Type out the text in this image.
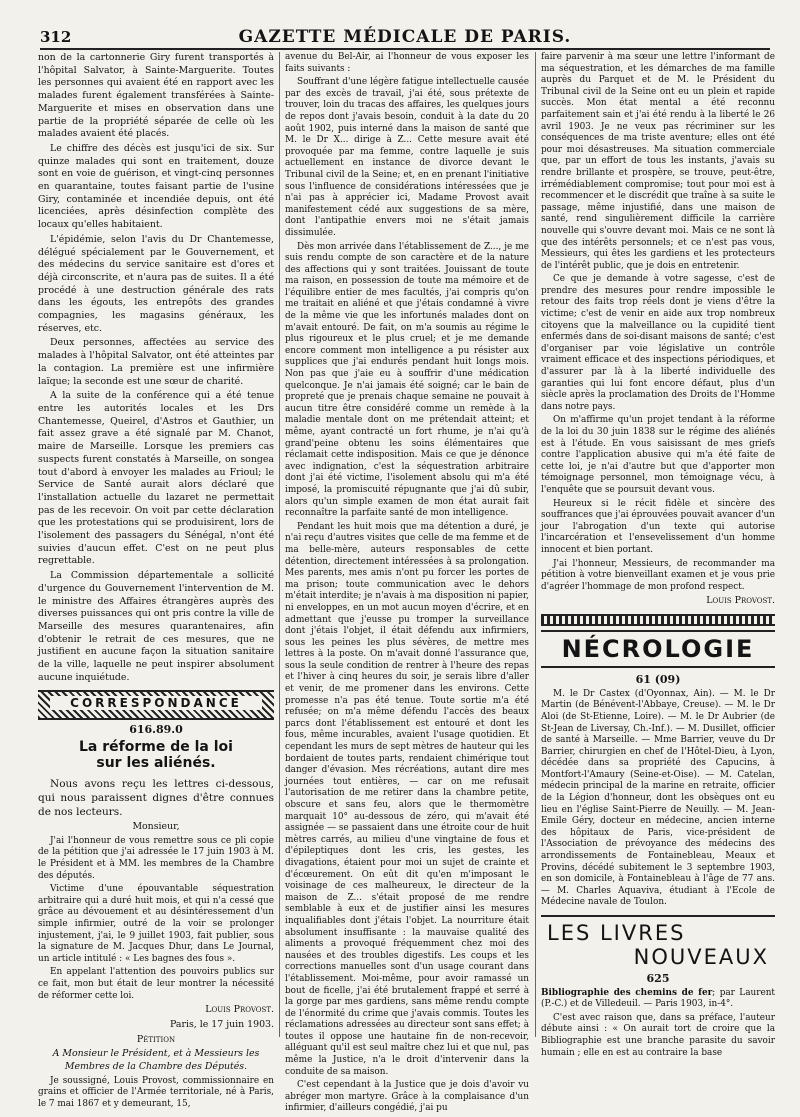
312	GAZETTE MÉDICALE DE PARIS.

non de la cartonnerie Giry furent transportés à l'hôpital Salvator, à Sainte-Marguerite. Toutes les personnes qui avaient été en rapport avec les malades furent également transférées à Sainte-Marguerite et mises en observation dans une partie de la propriété séparée de celle où les malades avaient été placés.

Le chiffre des décès est jusqu'ici de six. Sur quinze malades qui sont en traitement, douze sont en voie de guérison, et vingt-cinq personnes en quarantaine, toutes faisant partie de l'usine Giry, contaminée et incendiée depuis, ont été licenciées, après désinfection complète des locaux qu'elles habitaient.

L'épidémie, selon l'avis du Dr Chantemesse, délégué spécialement par le Gouvernement, et des médecins du service sanitaire est d'ores et déjà circonscrite, et n'aura pas de suites. Il a été procédé à une destruction générale des rats dans les égouts, les entrepôts des grandes compagnies, les magasins généraux, les réserves, etc.

Deux personnes, affectées au service des malades à l'hôpital Salvator, ont été atteintes par la contagion. La première est une infirmière laïque; la seconde est une sœur de charité.

A la suite de la conférence qui a été tenue entre les autorités locales et les Drs Chantemesse, Queirel, d'Astros et Gauthier, un fait assez grave a été signalé par M. Chanot, maire de Marseille. Lorsque les premiers cas suspects furent constatés à Marseille, on songea tout d'abord à envoyer les malades au Frioul; le Service de Santé aurait alors déclaré que l'installation actuelle du lazaret ne permettait pas de les recevoir. On voit par cette déclaration que les protestations qui se produisirent, lors de l'isolement des passagers du Sénégal, n'ont été suivies d'aucun effet. C'est on ne peut plus regrettable.

La Commission départementale a sollicité d'urgence du Gouvernement l'intervention de M. le ministre des Affaires étrangères auprès des diverses puissances qui ont pris contre la ville de Marseille des mesures quarantenaires, afin d'obtenir le retrait de ces mesures, que ne justifient en aucune façon la situation sanitaire de la ville, laquelle ne peut inspirer absolument aucune inquiétude.

CORRESPONDANCE
616.89.0
La réforme de la loi
sur les aliénés.

Nous avons reçu les lettres ci-dessous, qui nous paraissent dignes d'être connues de nos lecteurs.

Monsieur,

J'ai l'honneur de vous remettre sous ce pli copie de la pétition que j'ai adressée le 17 juin 1903 à M. le Président et à MM. les membres de la Chambre des députés.

Victime d'une épouvantable séquestration arbitraire qui a duré huit mois, et qui n'a cessé que grâce au dévouement et au désintéressement d'un simple infirmier, outré de la voir se prolonger injustement, j'ai, le 9 juillet 1903, fait publier, sous la signature de M. Jacques Dhur, dans Le Journal, un article intitulé : « Les bagnes des fous ».

En appelant l'attention des pouvoirs publics sur ce fait, mon but était de leur montrer la nécessité de réformer cette loi.

Louis Provost.

Paris, le 17 juin 1903.

Pétition

A Monsieur le Président, et à Messieurs les Membres de la Chambre des Députés.

Je soussigné, Louis Provost, commissionnaire en grains et officier de l'Armée territoriale, né à Paris, le 7 mai 1867 et y demeurant, 15,

avenue du Bel-Air, ai l'honneur de vous exposer les faits suivants :

Souffrant d'une légère fatigue intellectuelle causée par des excès de travail, j'ai été, sous prétexte de trouver, loin du tracas des affaires, les quelques jours de repos dont j'avais besoin, conduit à la date du 20 août 1902, puis interné dans la maison de santé que M. le Dr X... dirige à Z... Cette mesure avait été provoquée par ma femme, contre laquelle je suis actuellement en instance de divorce devant le Tribunal civil de la Seine; et, en en prenant l'initiative sous l'influence de considérations intéressées que je n'ai pas à apprécier ici, Madame Provost avait manifestement cédé aux suggestions de sa mère, dont l'antipathie envers moi ne s'était jamais dissimulée.

Dès mon arrivée dans l'établissement de Z..., je me suis rendu compte de son caractère et de la nature des affections qui y sont traitées. Jouissant de toute ma raison, en possession de toute ma mémoire et de l'équilibre entier de mes facultés, j'ai compris qu'on me traitait en aliéné et que j'étais condamné à vivre de la même vie que les infortunés malades dont on m'avait entouré. De fait, on m'a soumis au régime le plus rigoureux et le plus cruel; et je me demande encore comment mon intelligence a pu résister aux supplices que j'ai endurés pendant huit longs mois. Non pas que j'aie eu à souffrir d'une médication quelconque. Je n'ai jamais été soigné; car le bain de propreté que je prenais chaque semaine ne pouvait à aucun titre être considéré comme un remède à la maladie mentale dont on me prétendait atteint; et même, ayant contracté un fort rhume, je n'ai qu'à grand'peine obtenu les soins élémentaires que réclamait cette indisposition. Mais ce que je dénonce avec indignation, c'est la séquestration arbitraire dont j'ai été victime, l'isolement absolu qui m'a été imposé, la promiscuité répugnante que j'ai dû subir, alors qu'un simple examen de mon état aurait fait reconnaître la parfaite santé de mon intelligence.

Pendant les huit mois que ma détention a duré, je n'ai reçu d'autres visites que celle de ma femme et de ma belle-mère, auteurs responsables de cette détention, directement intéressées à sa prolongation. Mes parents, mes amis n'ont pu forcer les portes de ma prison; toute communication avec le dehors m'était interdite; je n'avais à ma disposition ni papier, ni enveloppes, en un mot aucun moyen d'écrire, et en admettant que j'eusse pu tromper la surveillance dont j'étais l'objet, il était défendu aux infirmiers, sous les peines les plus sévères, de mettre mes lettres à la poste. On m'avait donné l'assurance que, sous la seule condition de rentrer à l'heure des repas et l'hiver à cinq heures du soir, je serais libre d'aller et venir, de me promener dans les environs. Cette promesse n'a pas été tenue. Toute sortie m'a été refusée; on m'a même défendu l'accès des beaux parcs dont l'établissement est entouré et dont les fous, même incurables, avaient l'usage quotidien. Et cependant les murs de sept mètres de hauteur qui les bordaient de toutes parts, rendaient chimérique tout danger d'évasion. Mes récréations, autant dire mes journées tout entières, — car on me refusait l'autorisation de me retirer dans la chambre petite, obscure et sans feu, alors que le thermomètre marquait 10° au-dessous de zéro, qui m'avait été assignée — se passaient dans une étroite cour de huit mètres carrés, au milieu d'une vingtaine de fous et d'épileptiques dont les cris, les gestes, les divagations, étaient pour moi un sujet de crainte et d'écœurement. On eût dit qu'en m'imposant le voisinage de ces malheureux, le directeur de la maison de Z... s'était proposé de me rendre semblable à eux et de justifier ainsi les mesures inqualifiables dont j'étais l'objet. La nourriture était absolument insuffisante : la mauvaise qualité des aliments a provoqué fréquemment chez moi des nausées et des troubles digestifs. Les coups et les corrections manuelles sont d'un usage courant dans l'établissement. Moi-même, pour avoir ramassé un bout de ficelle, j'ai été brutalement frappé et serré à la gorge par mes gardiens, sans même rendu compte de l'énormité du crime que j'avais commis. Toutes les réclamations adressées au directeur sont sans effet; à toutes il oppose une hautaine fin de non-recevoir, alléguant qu'il est seul maître chez lui et que nul, pas même la Justice, n'a le droit d'intervenir dans la conduite de sa maison.

C'est cependant à la Justice que je dois d'avoir vu abréger mon martyre. Grâce à la complaisance d'un infirmier, d'ailleurs congédié, j'ai pu

faire parvenir à ma sœur une lettre l'informant de ma séquestration, et les démarches de ma famille auprès du Parquet et de M. le Président du Tribunal civil de la Seine ont eu un plein et rapide succès. Mon état mental a été reconnu parfaitement sain et j'ai été rendu à la liberté le 26 avril 1903. Je ne veux pas récriminer sur les conséquences de ma triste aventure; elles ont été pour moi désastreuses. Ma situation commerciale que, par un effort de tous les instants, j'avais su rendre brillante et prospère, se trouve, peut-être, irrémédiablement compromise; tout pour moi est à recommencer et le discrédit que traîne à sa suite le passage, même injustifié, dans une maison de santé, rend singulièrement difficile la carrière nouvelle qui s'ouvre devant moi. Mais ce ne sont là que des intérêts personnels; et ce n'est pas vous, Messieurs, qui êtes les gardiens et les protecteurs de l'intérêt public, que je dois en entretenir.

Ce que je demande à votre sagesse, c'est de prendre des mesures pour rendre impossible le retour des faits trop réels dont je viens d'être la victime; c'est de venir en aide aux trop nombreux citoyens que la malveillance ou la cupidité tient enfermés dans de soi-disant maisons de santé; c'est d'organiser par voie législative un contrôle vraiment efficace et des inspections périodiques, et d'assurer par là à la liberté individuelle des garanties qui lui font encore défaut, plus d'un siècle après la proclamation des Droits de l'Homme dans notre pays.

On m'affirme qu'un projet tendant à la réforme de la loi du 30 juin 1838 sur le régime des aliénés est à l'étude. En vous saisissant de mes griefs contre l'application abusive qui m'a été faite de cette loi, je n'ai d'autre but que d'apporter mon témoignage personnel, mon témoignage vécu, à l'enquête que se poursuit devant vous.

Heureux si le récit fidèle et sincère des souffrances que j'ai éprouvées pouvait avancer d'un jour l'abrogation d'un texte qui autorise l'incarcération et l'ensevelissement d'un homme innocent et bien portant.

J'ai l'honneur, Messieurs, de recommander ma pétition à votre bienveillant examen et je vous prie d'agréer l'hommage de mon profond respect.

Louis Provost.

NÉCROLOGIE
61 (09)

M. le Dr Castex (d'Oyonnax, Ain). — M. le Dr Martin (de Bénévent-l'Abbaye, Creuse). — M. le Dr Aloi (de St-Etienne, Loire). — M. le Dr Aubrier (de St-Jean de Liversay, Ch.-Inf.). — M. Dusillet, officier de santé à Marseille. — Mme Barrier, veuve du Dr Barrier, chirurgien en chef de l'Hôtel-Dieu, à Lyon, décédée dans sa propriété des Capucins, à Montfort-l'Amaury (Seine-et-Oise). — M. Catelan, médecin principal de la marine en retraite, officier de la Légion d'honneur, dont les obsèques ont eu lieu en l'église Saint-Pierre de Neuilly. — M. Jean-Emile Géry, docteur en médecine, ancien interne des hôpitaux de Paris, vice-président de l'Association de prévoyance des médecins des arrondissements de Fontainebleau, Meaux et Provins, décédé subitement le 3 septembre 1903, en son domicile, à Fontainebleau à l'âge de 77 ans. — M. Charles Aquaviva, étudiant à l'Ecole de Médecine navale de Toulon.

LES LIVRES
NOUVEAUX
625

Bibliographie des chemins de fer; par Laurent (P.-C.) et de Villedeuil. — Paris 1903, in-4°.

C'est avec raison que, dans sa préface, l'auteur débute ainsi : « On aurait tort de croire que la Bibliographie est une branche parasite du savoir humain ; elle en est au contraire la base
